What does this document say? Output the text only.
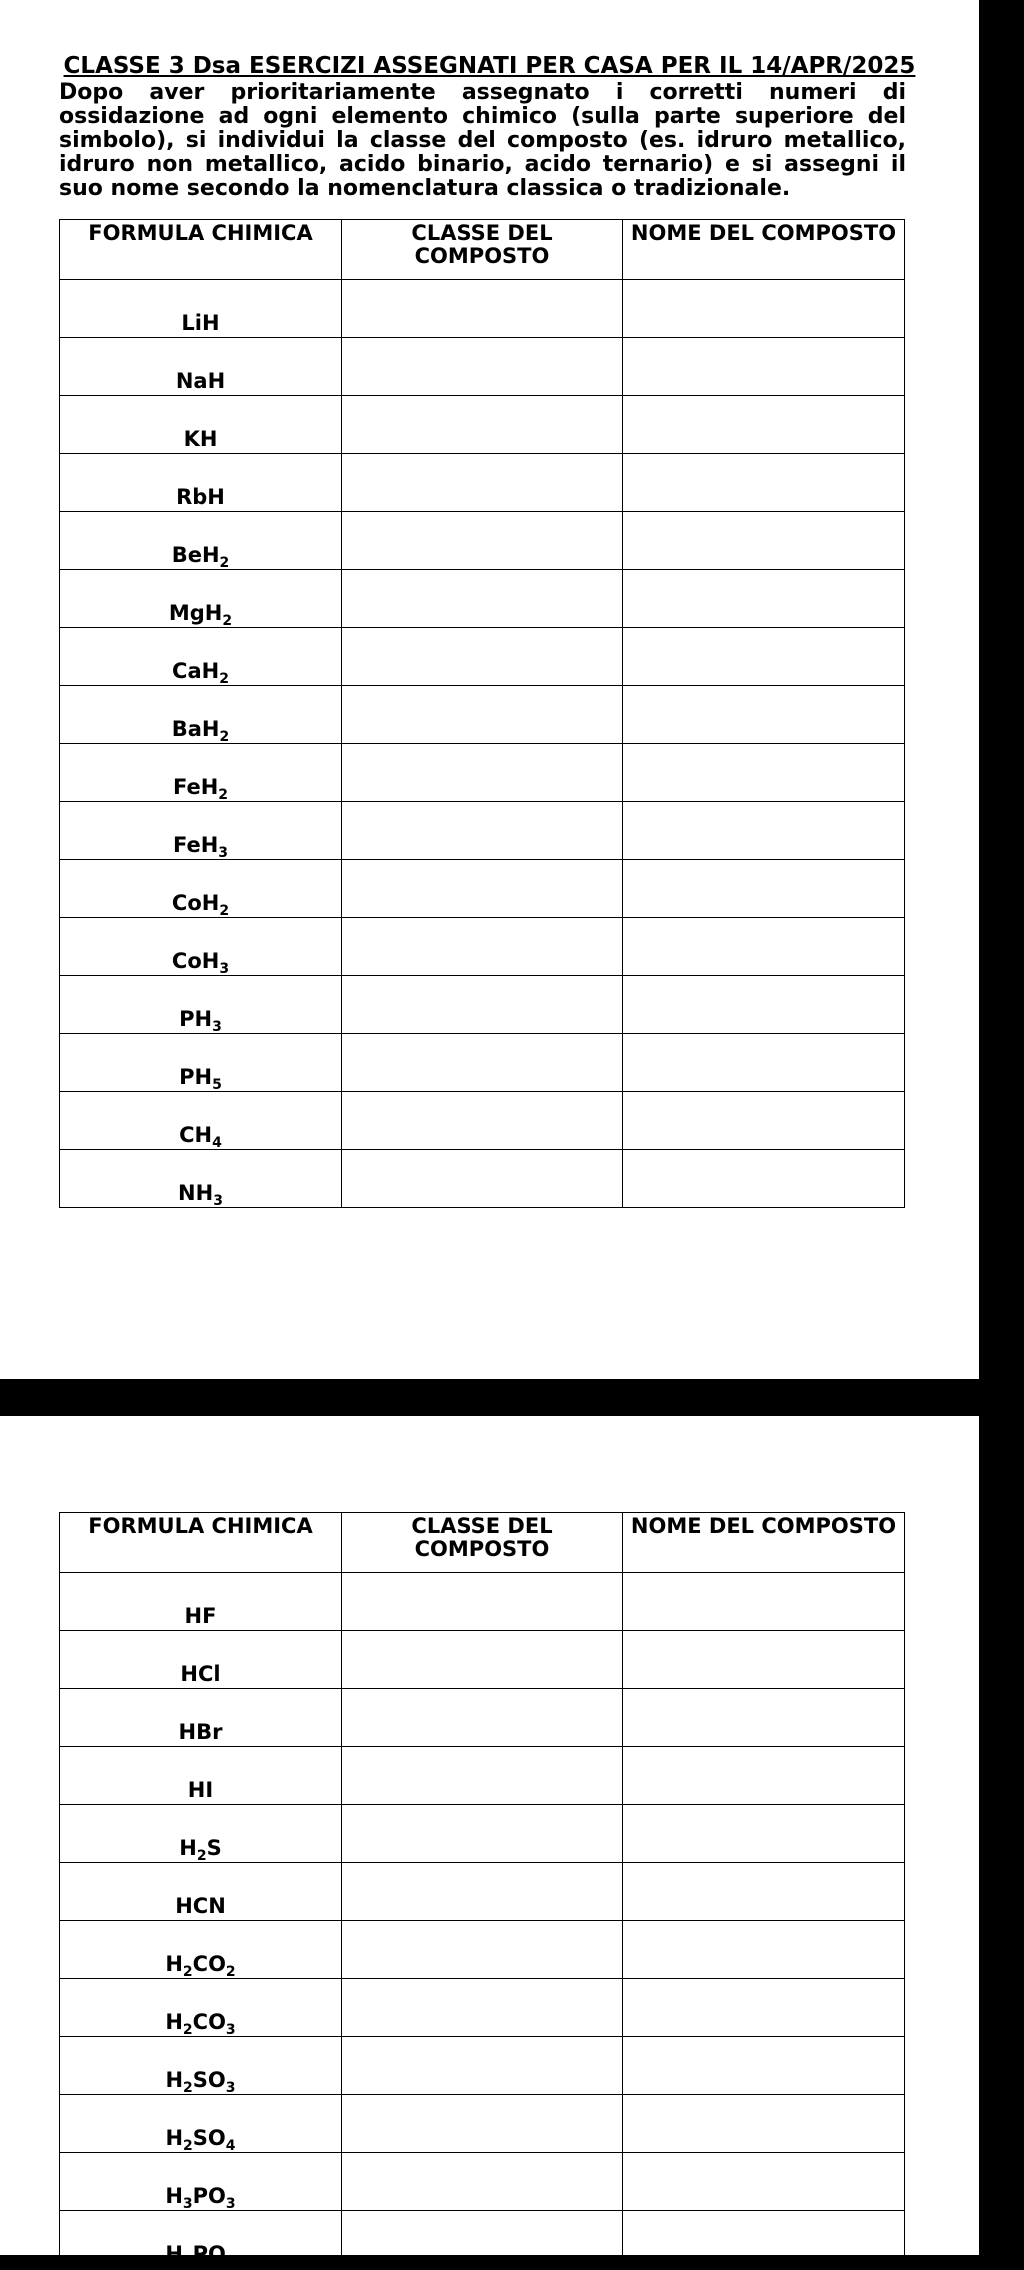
CLASSE 3 Dsa ESERCIZI ASSEGNATI PER CASA PER IL 14/APR/2025
Dopo aver prioritariamente assegnato i corretti numeri di ossidazione ad ogni elemento chimico (sulla parte superiore del simbolo), si individui la classe del composto (es. idruro metallico, idruro non metallico, acido binario, acido ternario) e si assegni il suo nome secondo la nomenclatura classica o tradizionale.
FORMULA CHIMICA	CLASSE DEL COMPOSTO	NOME DEL COMPOSTO
LiH		
NaH		
KH		
RbH		
BeH$_2$		
MgH$_2$		
CaH$_2$		
BaH$_2$		
FeH$_2$		
FeH$_3$		
CoH$_2$		
CoH$_3$		
$PH_3$		
$PH_5$		
$CH_4$		
$NH_3$		
FORMULA CHIMICA	CLASSE DEL COMPOSTO	NOME DEL COMPOSTO
HF		
HCl		
HBr		
HI		
$H_2S$		
HCN		
$H_2CO_2$		
$H_2CO_3$		
$H_2SO_3$		
$H_2SO_4$		
$H_3PO_3$		
$H_3PO_4$		
